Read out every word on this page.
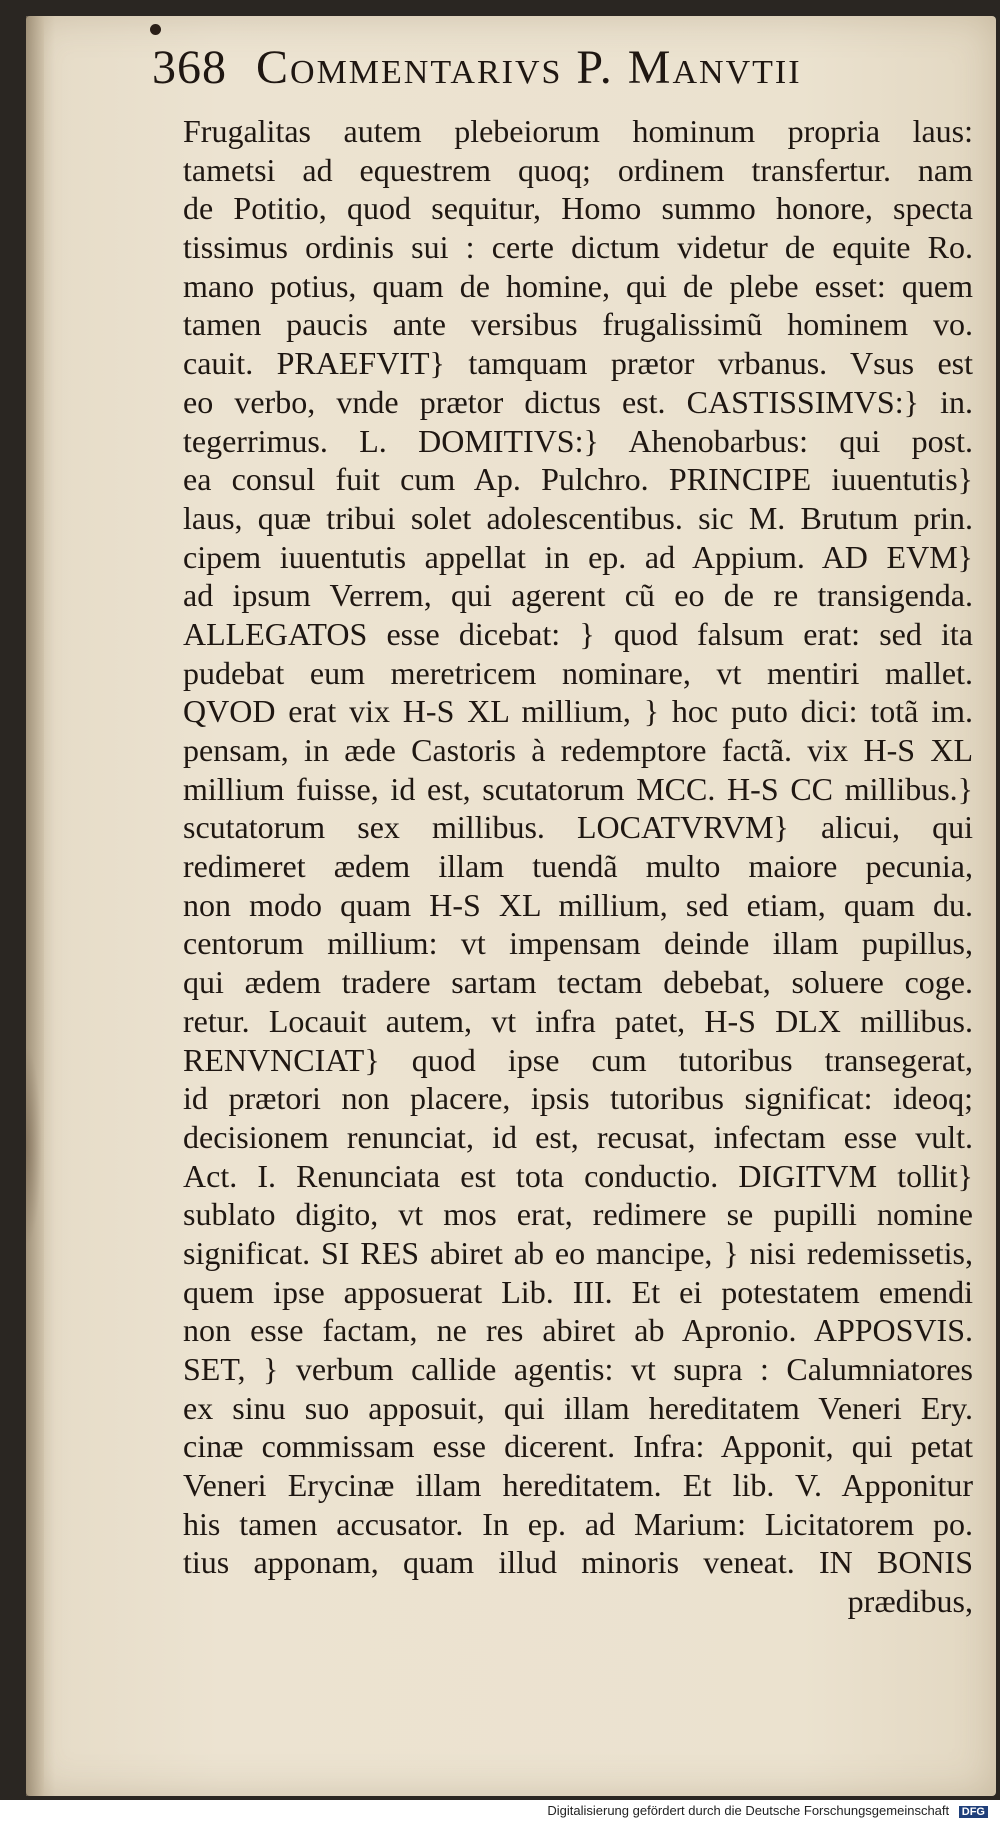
368 Commentarivs P. Manvtii
Frugalitas autem plebeiorum hominum propria laus:
tametsi ad equestrem quoq; ordinem transfertur. nam
de Potitio, quod sequitur, Homo summo honore, specta
tissimus ordinis sui : certe dictum videtur de equite Ro.
mano potius, quam de homine, qui de plebe esset: quem
tamen paucis ante versibus frugalissimũ hominem vo.
cauit. PRAEFVIT} tamquam prætor vrbanus. Vsus est
eo verbo, vnde prætor dictus est. CASTISSIMVS:} in.
tegerrimus. L. DOMITIVS:} Ahenobarbus: qui post.
ea consul fuit cum Ap. Pulchro. PRINCIPE iuuentutis}
laus, quæ tribui solet adolescentibus. sic M. Brutum prin.
cipem iuuentutis appellat in ep. ad Appium. AD EVM}
ad ipsum Verrem, qui agerent cũ eo de re transigenda.
ALLEGATOS esse dicebat: } quod falsum erat: sed ita
pudebat eum meretricem nominare, vt mentiri mallet.
QVOD erat vix H-S XL millium, } hoc puto dici: totã im.
pensam, in æde Castoris à redemptore factã. vix H-S XL
millium fuisse, id est, scutatorum MCC. H-S CC millibus.}
scutatorum sex millibus. LOCATVRVM} alicui, qui
redimeret ædem illam tuendã multo maiore pecunia,
non modo quam H-S XL millium, sed etiam, quam du.
centorum millium: vt impensam deinde illam pupillus,
qui ædem tradere sartam tectam debebat, soluere coge.
retur. Locauit autem, vt infra patet, H-S DLX millibus.
RENVNCIAT} quod ipse cum tutoribus transegerat,
id prætori non placere, ipsis tutoribus significat: ideoq;
decisionem renunciat, id est, recusat, infectam esse vult.
Act. I. Renunciata est tota conductio. DIGITVM tollit}
sublato digito, vt mos erat, redimere se pupilli nomine
significat. SI RES abiret ab eo mancipe, } nisi redemissetis,
quem ipse apposuerat Lib. III. Et ei potestatem emendi
non esse factam, ne res abiret ab Apronio. APPOSVIS.
SET, } verbum callide agentis: vt supra : Calumniatores
ex sinu suo apposuit, qui illam hereditatem Veneri Ery.
cinæ commissam esse dicerent. Infra: Apponit, qui petat
Veneri Erycinæ illam hereditatem. Et lib. V. Apponitur
his tamen accusator. In ep. ad Marium: Licitatorem po.
tius apponam, quam illud minoris veneat. IN BONIS
prædibus,
Digitalisierung gefördert durch die Deutsche Forschungsgemeinschaft DFG
